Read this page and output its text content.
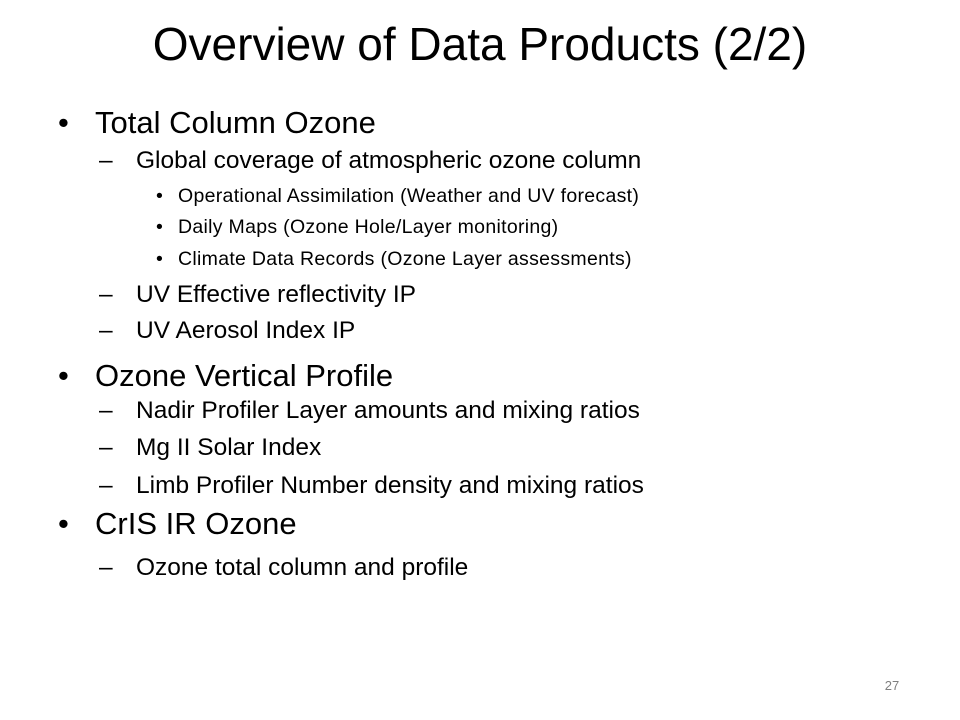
Overview of Data Products (2/2)
• Total Column Ozone
– Global coverage of atmospheric ozone column
• Operational Assimilation (Weather and UV forecast)
• Daily Maps (Ozone Hole/Layer monitoring)
• Climate Data Records (Ozone Layer assessments)
– UV Effective reflectivity IP
– UV Aerosol Index IP
• Ozone Vertical Profile
– Nadir Profiler Layer amounts and mixing ratios
– Mg II Solar Index
– Limb Profiler Number density and mixing ratios
• CrIS IR Ozone
– Ozone total column and profile
27
